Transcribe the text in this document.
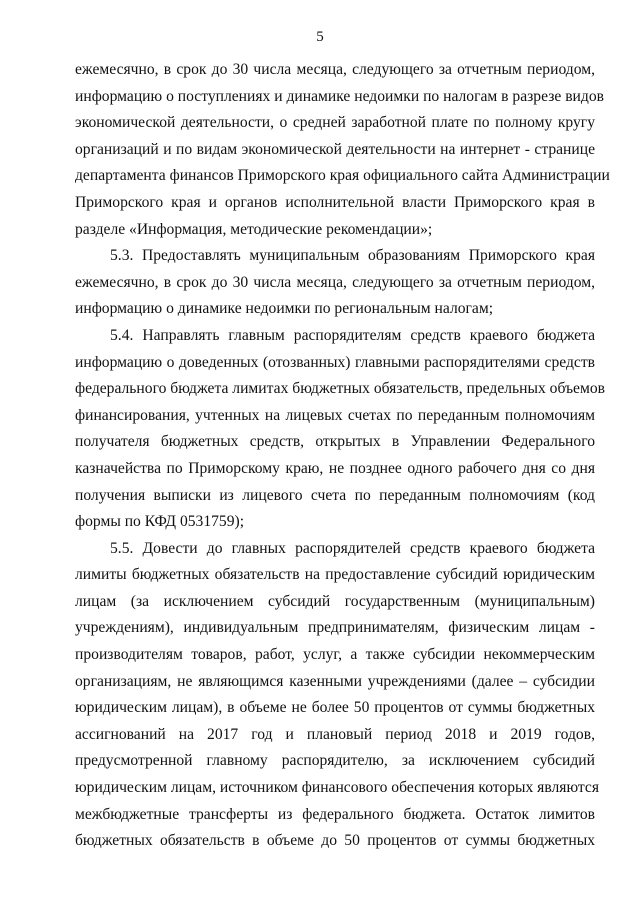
5
ежемесячно, в срок до 30 числа месяца, следующего за отчетным периодом,
информацию о поступлениях и динамике недоимки по налогам в разрезе видов
экономической деятельности, о средней заработной плате по полному кругу
организаций и по видам экономической деятельности на интернет - странице
департамента финансов Приморского края официального сайта Администрации
Приморского края и органов исполнительной власти Приморского края в
разделе «Информация, методические рекомендации»;
5.3. Предоставлять муниципальным образованиям Приморского края
ежемесячно, в срок до 30 числа месяца, следующего за отчетным периодом,
информацию о динамике недоимки по региональным налогам;
5.4. Направлять главным распорядителям средств краевого бюджета
информацию о доведенных (отозванных) главными распорядителями средств
федерального бюджета лимитах бюджетных обязательств, предельных объемов
финансирования, учтенных на лицевых счетах по переданным полномочиям
получателя бюджетных средств, открытых в Управлении Федерального
казначейства по Приморскому краю, не позднее одного рабочего дня со дня
получения выписки из лицевого счета по переданным полномочиям (код
формы по КФД 0531759);
5.5. Довести до главных распорядителей средств краевого бюджета
лимиты бюджетных обязательств на предоставление субсидий юридическим
лицам (за исключением субсидий государственным (муниципальным)
учреждениям), индивидуальным предпринимателям, физическим лицам -
производителям товаров, работ, услуг, а также субсидии некоммерческим
организациям, не являющимся казенными учреждениями (далее – субсидии
юридическим лицам), в объеме не более 50 процентов от суммы бюджетных
ассигнований на 2017 год и плановый период 2018 и 2019 годов,
предусмотренной главному распорядителю, за исключением субсидий
юридическим лицам, источником финансового обеспечения которых являются
межбюджетные трансферты из федерального бюджета. Остаток лимитов
бюджетных обязательств в объеме до 50 процентов от суммы бюджетных
